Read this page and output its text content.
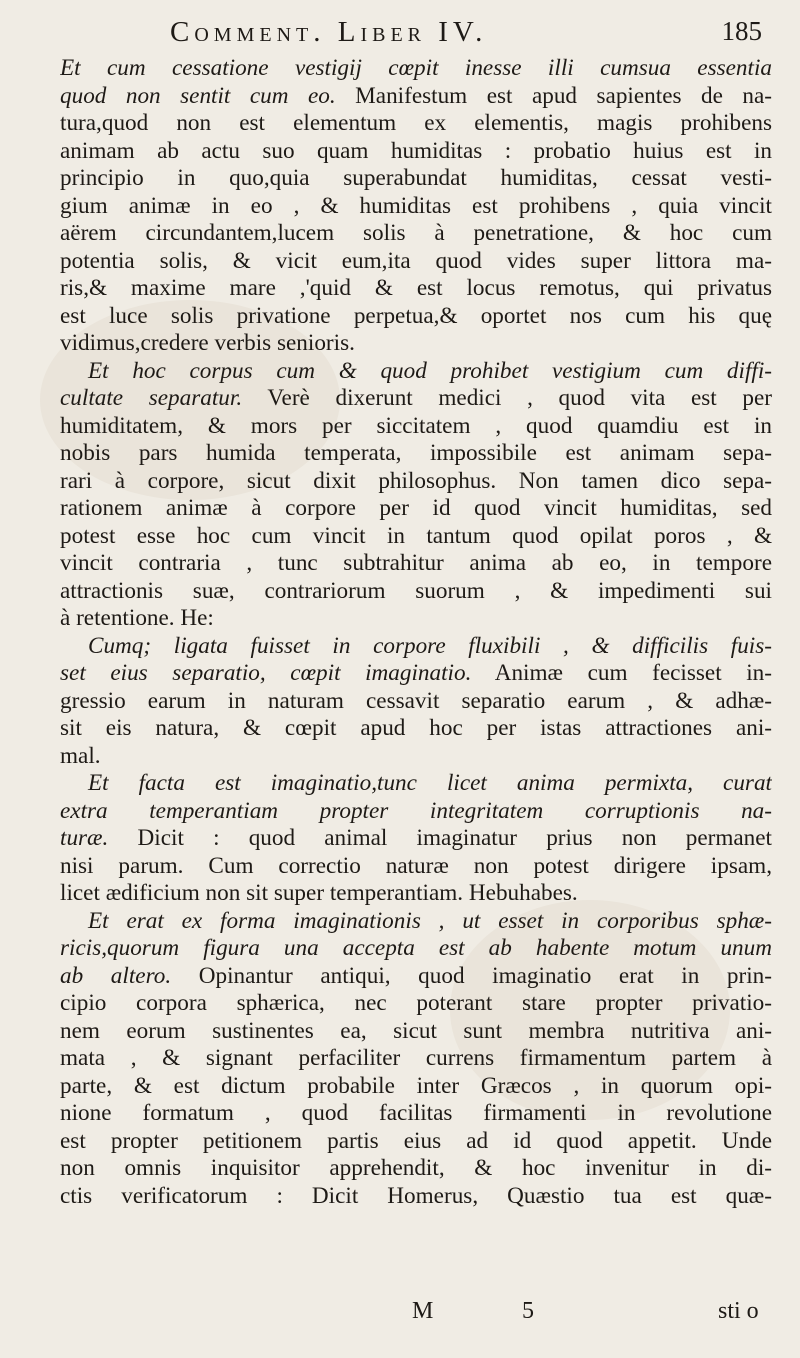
Comment. Liber IV.	185
Et cum cessatione vestigij cœpit inesse illi cumsua essentia
quod non sentit cum eo. Manifestum est apud sapientes de na-
tura,quod non est elementum ex elementis, magis prohibens
animam ab actu suo quam humiditas : probatio huius est in
principio in quo,quia superabundat humiditas, cessat vesti-
gium animæ in eo , & humiditas est prohibens , quia vincit
aërem circundantem,lucem solis à penetratione, & hoc cum
potentia solis, & vicit eum,ita quod vides super littora ma-
ris,& maxime mare ,'quid & est locus remotus, qui privatus
est luce solis privatione perpetua,& oportet nos cum his quę
vidimus,credere verbis senioris.
Et hoc corpus cum & quod prohibet vestigium cum diffi-
cultate separatur. Verè dixerunt medici , quod vita est per
humiditatem, & mors per siccitatem , quod quamdiu est in
nobis pars humida temperata, impossibile est animam sepa-
rari à corpore, sicut dixit philosophus. Non tamen dico sepa-
rationem animæ à corpore per id quod vincit humiditas, sed
potest esse hoc cum vincit in tantum quod opilat poros , &
vincit contraria , tunc subtrahitur anima ab eo, in tempore
attractionis suæ, contrariorum suorum , & impedimenti sui
à retentione. He:
Cumq; ligata fuisset in corpore fluxibili , & difficilis fuis-
set eius separatio, cœpit imaginatio. Animæ cum fecisset in-
gressio earum in naturam cessavit separatio earum , & adhæ-
sit eis natura, & cœpit apud hoc per istas attractiones ani-
mal.
Et facta est imaginatio,tunc licet anima permixta, curat
extra temperantiam propter integritatem corruptionis na-
turæ. Dicit : quod animal imaginatur prius non permanet
nisi parum. Cum correctio naturæ non potest dirigere ipsam,
licet ædificium non sit super temperantiam. Hebuhabes.
Et erat ex forma imaginationis , ut esset in corporibus sphæ-
ricis,quorum figura una accepta est ab habente motum unum
ab altero. Opinantur antiqui, quod imaginatio erat in prin-
cipio corpora sphærica, nec poterant stare propter privatio-
nem eorum sustinentes ea, sicut sunt membra nutritiva ani-
mata , & signant perfaciliter currens firmamentum partem à
parte, & est dictum probabile inter Græcos , in quorum opi-
nione formatum , quod facilitas firmamenti in revolutione
est propter petitionem partis eius ad id quod appetit. Unde
non omnis inquisitor apprehendit, & hoc invenitur in di-
ctis verificatorum : Dicit Homerus, Quæstio tua est quæ-
M	5	sti o
